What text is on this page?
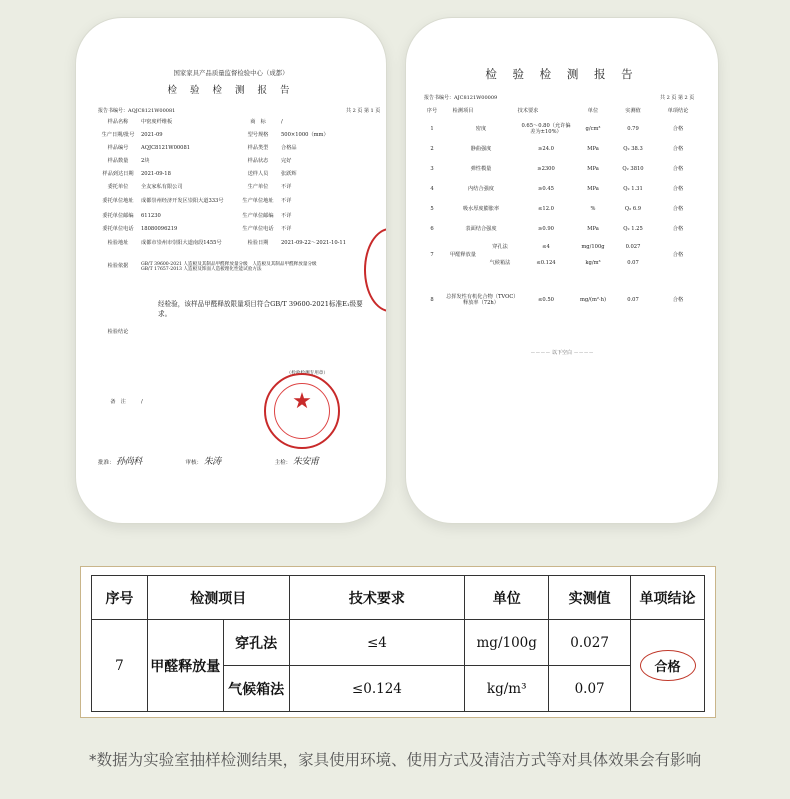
国家家具产品质量监督检验中心（成都）
检 验 检 测 报 告
报告书编号：AQJC8121W00081	共 2 页 第 1 页
样品名称	中密度纤维板	商　标	/
生产日期/批号	2021-09	型号规格	500×1000（mm）
样品编号	AQJC8121W00081	样品类型	合格品
样品数量	2块	样品状态	完好
样品到达日期	2021-09-18	送样人员	张跃辉
委托单位	全友家私有限公司	生产单位	不详
委托单位地址	成都崇州经济开发区崇阳大道333号	生产单位地址	不详
委托单位邮编	611230	生产单位邮编	不详
委托单位电话	18080096219	生产单位电话	不详
检验地址	成都市崇州市崇阳大道南段1455号	检验日期	2021-09-22～2021-10-11
检验依据	GB/T 39600-2021 人造板及其制品甲醛释放量分级　人造板及其制品甲醛释放量分级
GB/T 17657-2013 人造板及饰面人造板理化性能试验方法		
检验结论	经检验，该样品甲醛释放限量项目符合GB/T 39600-2021标准E₁级要求。
（检验检测专用章）		

备　注	/		
批准： 孙尚科	审核： 朱涛	主检： 朱安甫
★
检 验 检 测 报 告
报告书编号：AJC8121W00009	共 2 页 第 2 页
序号	检测项目	技术要求		单位	实测值	单项结论
1	密度		0.65～0.80（允许偏差为±10%）	g/cm³	0.79	合格
2	静曲强度		≥24.0	MPa	Q₂ 38.3	合格
3	弹性模量		≥2300	MPa	Q₂ 3810	合格
4	内结合强度		≥0.45	MPa	Q₂ 1.31	合格
5	吸水厚度膨胀率		≤12.0	%	Q₂ 6.9	合格
6	表面结合强度		≥0.90	MPa	Q₂ 1.25	合格
7	甲醛释放量	穿孔法	≤4	mg/100g	0.027	合格
		气候箱法	≤0.124	kg/m³	0.07	
8	总挥发性有机化合物（TVOC）释放率（72h）		≤0.50	mg/(m²·h)	0.07	合格
－－－－ 以下空白 －－－－
序号	检测项目		技术要求	单位	实测值	单项结论
7	甲醛释放量	穿孔法	≤4	mg/100g	0.027	合格
		气候箱法	≤0.124	kg/m³	0.07	
*数据为实验室抽样检测结果，家具使用环境、使用方式及清洁方式等对具体效果会有影响
